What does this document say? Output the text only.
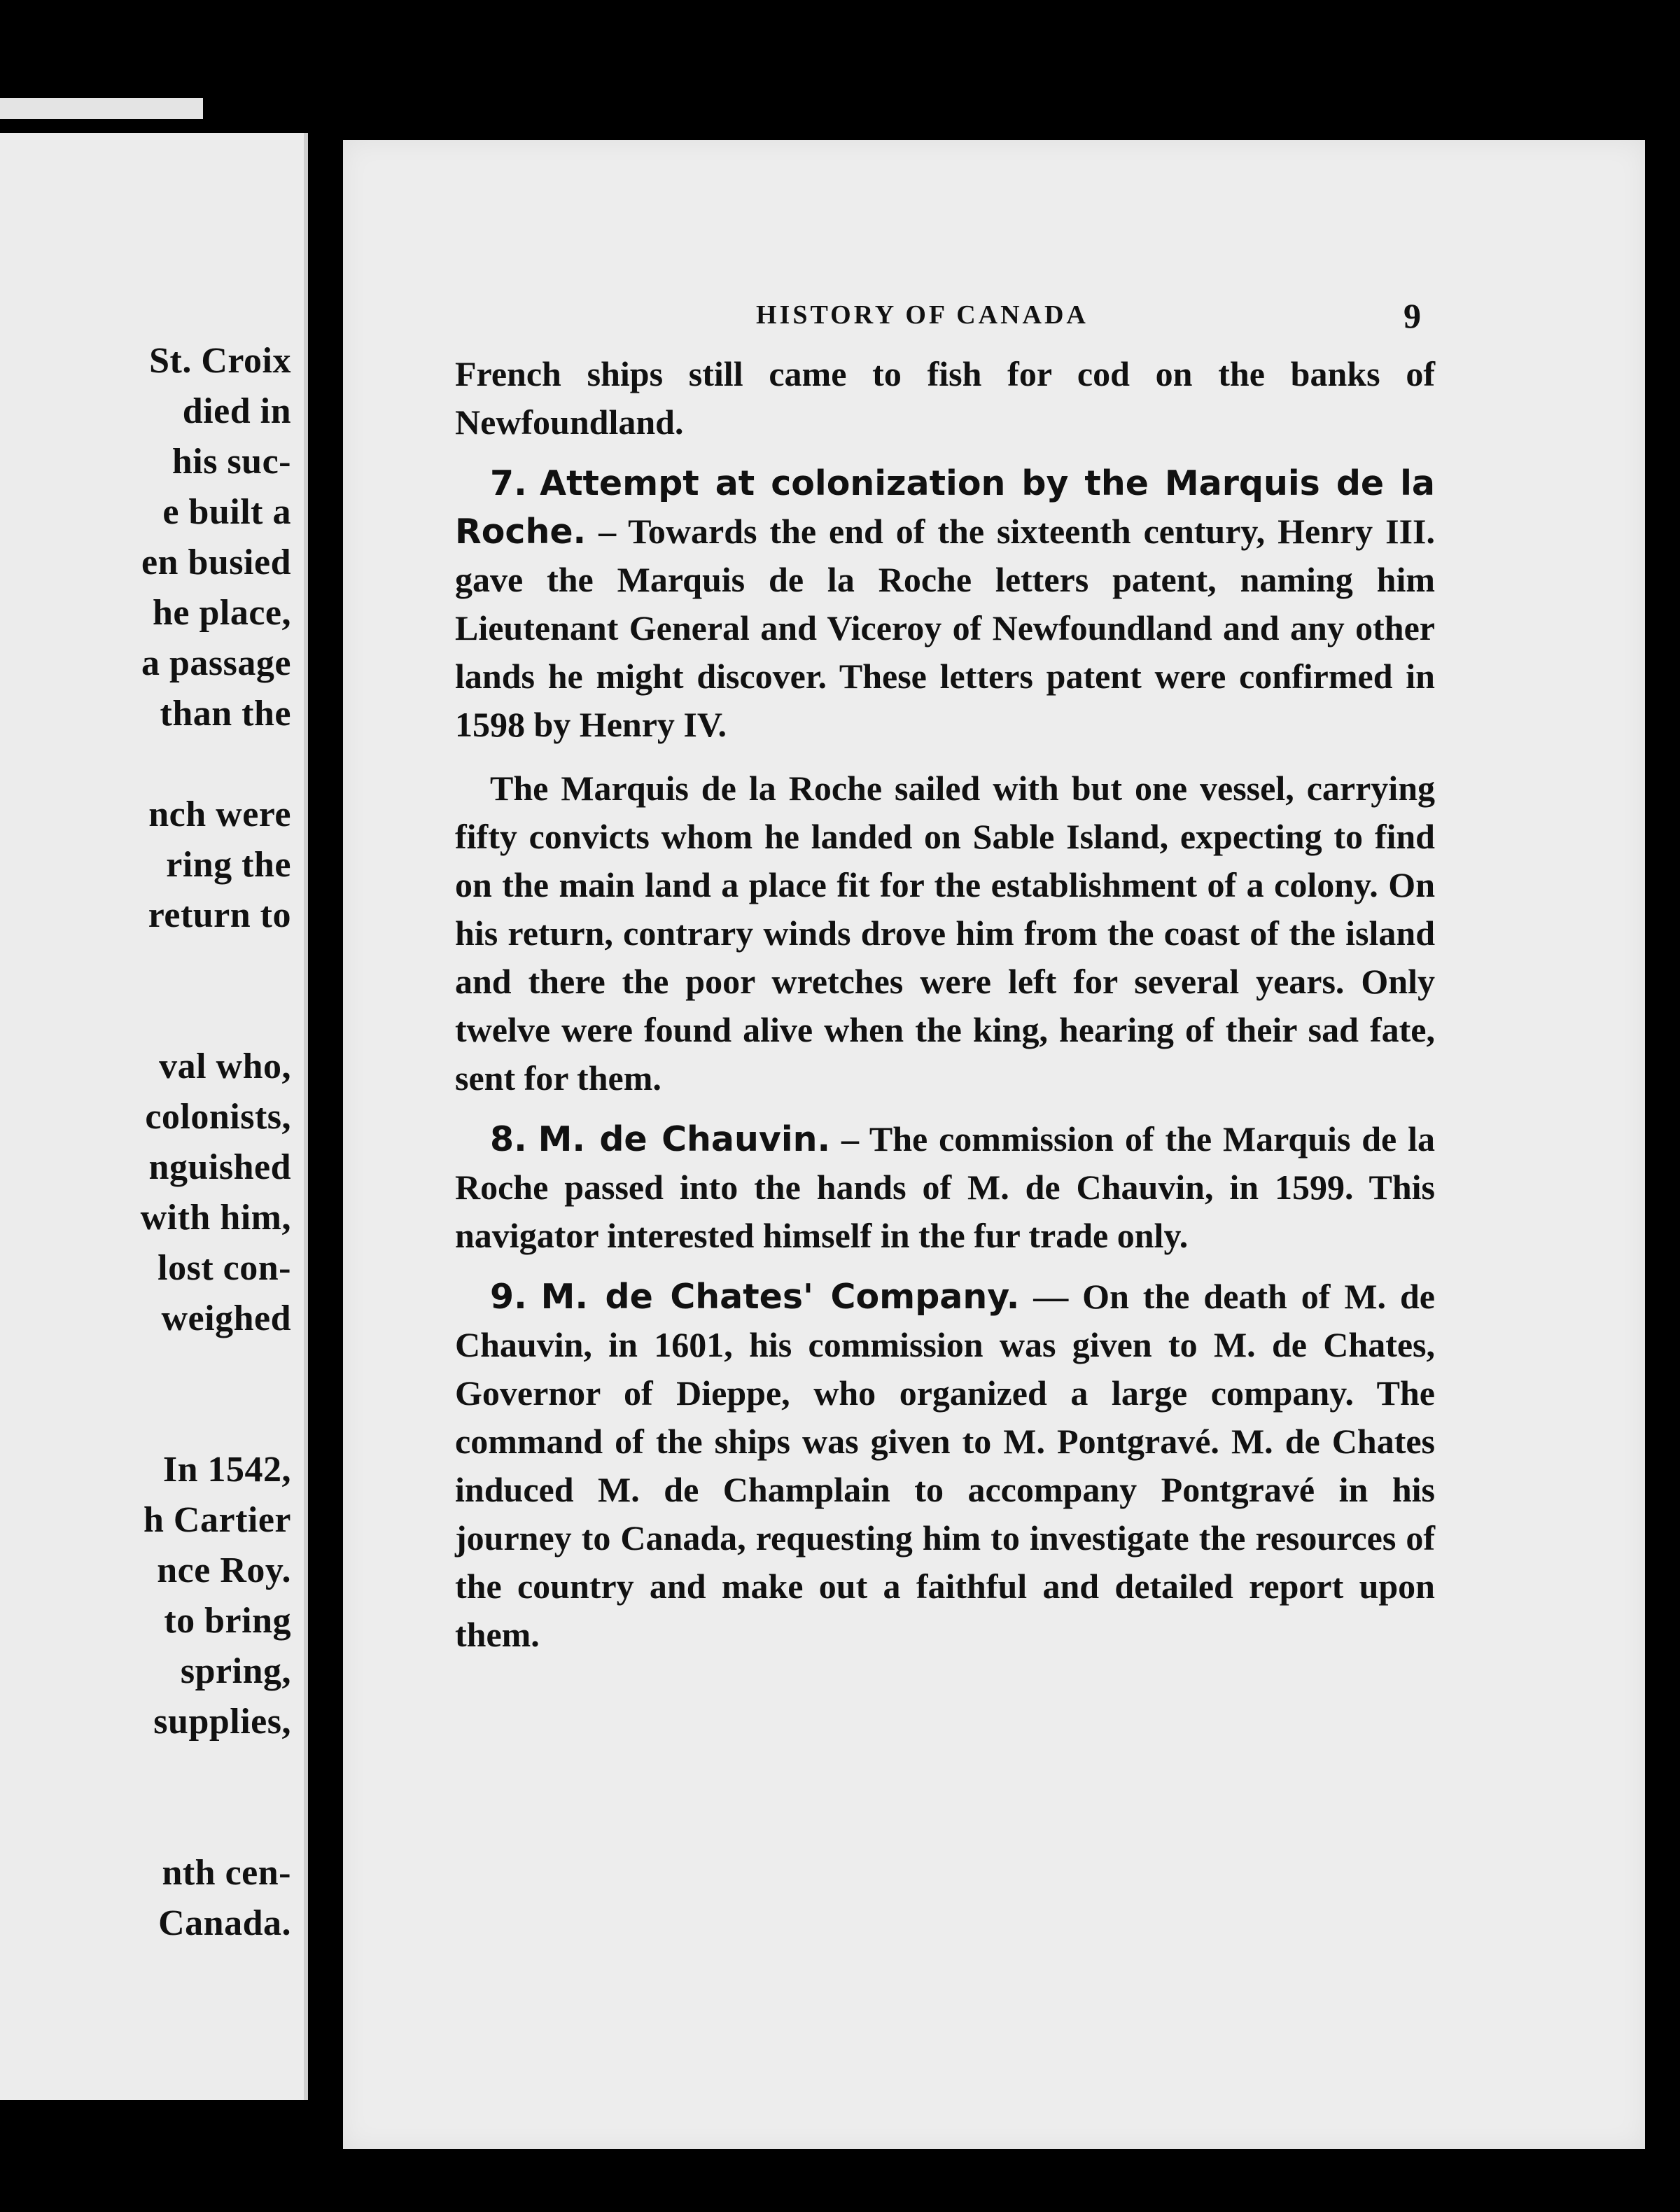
St. Croix
died in
his suc-
e built a
en busied
he place,
a passage
than the
nch were
ring the
return to
val who,
colonists,
nguished
with him,
lost con-
weighed
In 1542,
h Cartier
nce Roy.
to bring
spring,
supplies,
nth cen-
Canada.
HISTORY OF CANADA	9

French ships still came to fish for cod on the banks of Newfoundland.

7. Attempt at colonization by the Marquis de la Roche. – Towards the end of the sixteenth century, Henry III. gave the Marquis de la Roche letters patent, naming him Lieutenant General and Viceroy of Newfoundland and any other lands he might discover. These letters patent were confirmed in 1598 by Henry IV.

The Marquis de la Roche sailed with but one vessel, carrying fifty convicts whom he landed on Sable Island, expecting to find on the main land a place fit for the establishment of a colony. On his return, contrary winds drove him from the coast of the island and there the poor wretches were left for several years. Only twelve were found alive when the king, hearing of their sad fate, sent for them.

8. M. de Chauvin. – The commission of the Marquis de la Roche passed into the hands of M. de Chauvin, in 1599. This navigator interested himself in the fur trade only.

9. M. de Chates' Company. — On the death of M. de Chauvin, in 1601, his commission was given to M. de Chates, Governor of Dieppe, who organized a large company. The command of the ships was given to M. Pontgravé. M. de Chates induced M. de Champlain to accompany Pontgravé in his journey to Canada, requesting him to investigate the resources of the country and make out a faithful and detailed report upon them.
